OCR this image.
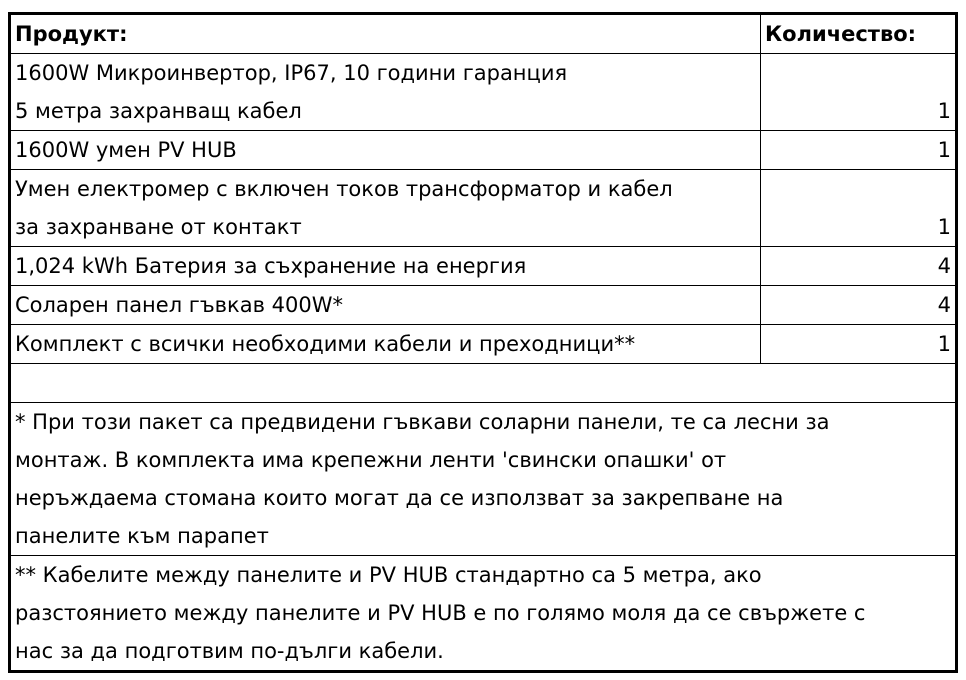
Продукт:	Количество:

1600W Микроинвертор, IP67, 10 години гаранция
5 метра захранващ кабел	1

1600W умен PV HUB	1

Умен електромер с включен токов трансформатор и кабел
за захранване от контакт	1

1,024 kWh Батерия за съхранение на енергия	4

Соларен панел гъвкав 400W*	4

Комплект с всички необходими кабели и преходници**	1

* При този пакет са предвидени гъвкави соларни панели, те са лесни за
монтаж. В комплекта има крепежни ленти 'свински опашки' от
неръждаема стомана които могат да се използват за закрепване на
панелите към парапет	

** Кабелите между панелите и PV HUB стандартно са 5 метра, ако
разстоянието между панелите и PV HUB е по голямо моля да се свържете с
нас за да подготвим по-дълги кабели.	
